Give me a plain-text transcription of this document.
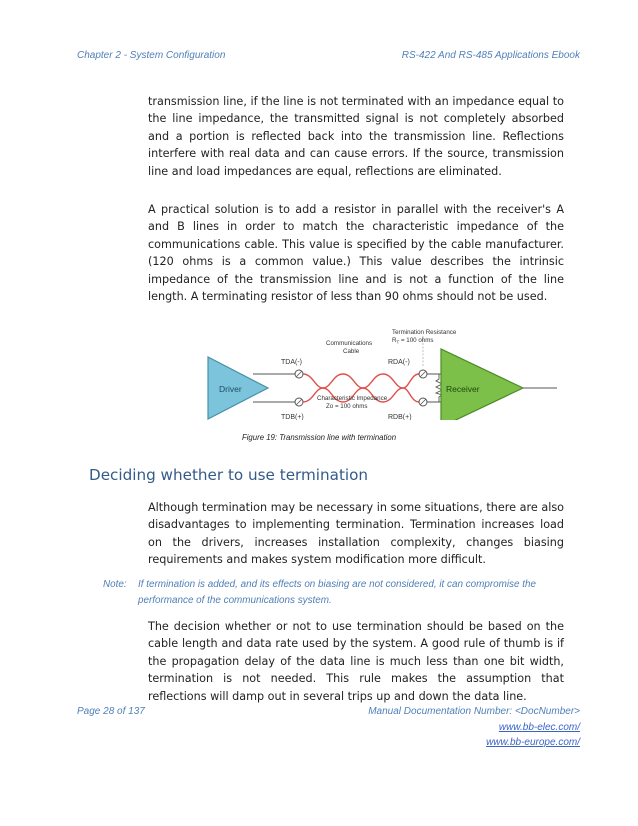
Chapter 2 - System Configuration	RS-422 And RS-485 Applications Ebook
transmission line, if the line is not terminated with an impedance equal to the line impedance, the transmitted signal is not completely absorbed and a portion is reflected back into the transmission line. Reflections interfere with real data and can cause errors. If the source, transmission line and load impedances are equal, reflections are eliminated.
A practical solution is to add a resistor in parallel with the receiver's A and B lines in order to match the characteristic impedance of the communications cable. This value is specified by the cable manufacturer. (120 ohms is a common value.) This value describes the intrinsic impedance of the transmission line and is not a function of the line length. A terminating resistor of less than 90 ohms should not be used.
Driver
TDA(-)
TDB(+)
Communications
Cable
Characteristic Impedance
Zo = 100 ohms
RDA(-)
RDB(+)
Termination Resistance
$R_T = 100$ ohms
Receiver
Figure 19: Transmission line with termination
Deciding whether to use termination
Although termination may be necessary in some situations, there are also disadvantages to implementing termination. Termination increases load on the drivers, increases installation complexity, changes biasing requirements and makes system modification more difficult.
Note: If termination is added, and its effects on biasing are not considered, it can compromise the performance of the communications system.
The decision whether or not to use termination should be based on the cable length and data rate used by the system. A good rule of thumb is if the propagation delay of the data line is much less than one bit width, termination is not needed. This rule makes the assumption that reflections will damp out in several trips up and down the data line.
Page 28 of 137	Manual Documentation Number: <DocNumber>
www.bb-elec.com/
www.bb-europe.com/
